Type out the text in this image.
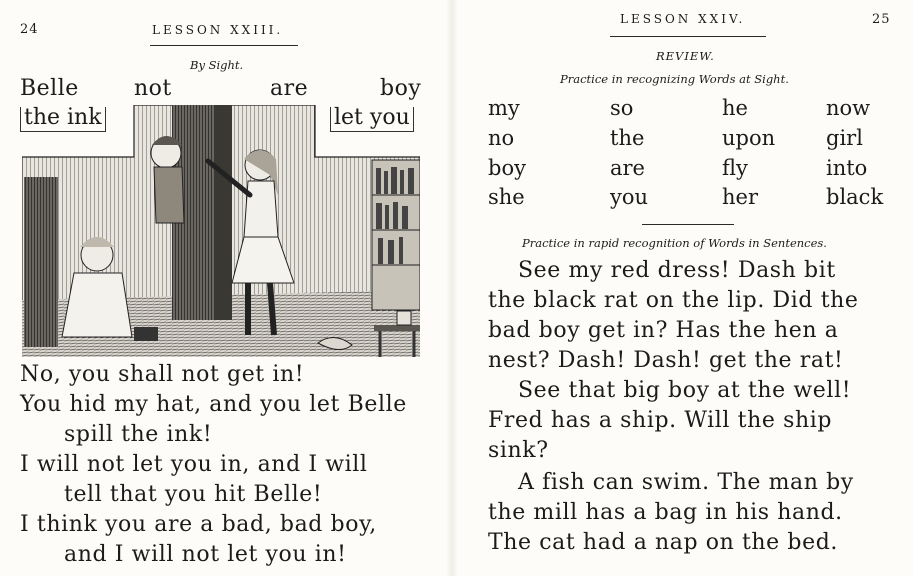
24	LESSON XXIII.
By Sight.
Belle	not	are	boy
the ink	let you
No, you shall not get in!
You hid my hat, and you let Belle
spill the ink!
I will not let you in, and I will
tell that you hit Belle!
I think you are a bad, bad boy,
and I will not let you in!
LESSON XXIV.	25
REVIEW.
Practice in recognizing Words at Sight.
my	so	he	now
no	the	upon girl
boy	are	fly	into
she	you	her	black
Practice in rapid recognition of Words in Sentences.
See my red dress! Dash bit
the black rat on the lip. Did the
bad boy get in? Has the hen a
nest? Dash! Dash! get the rat!
See that big boy at the well!
Fred has a ship. Will the ship
sink?
A fish can swim. The man by
the mill has a bag in his hand.
The cat had a nap on the bed.
